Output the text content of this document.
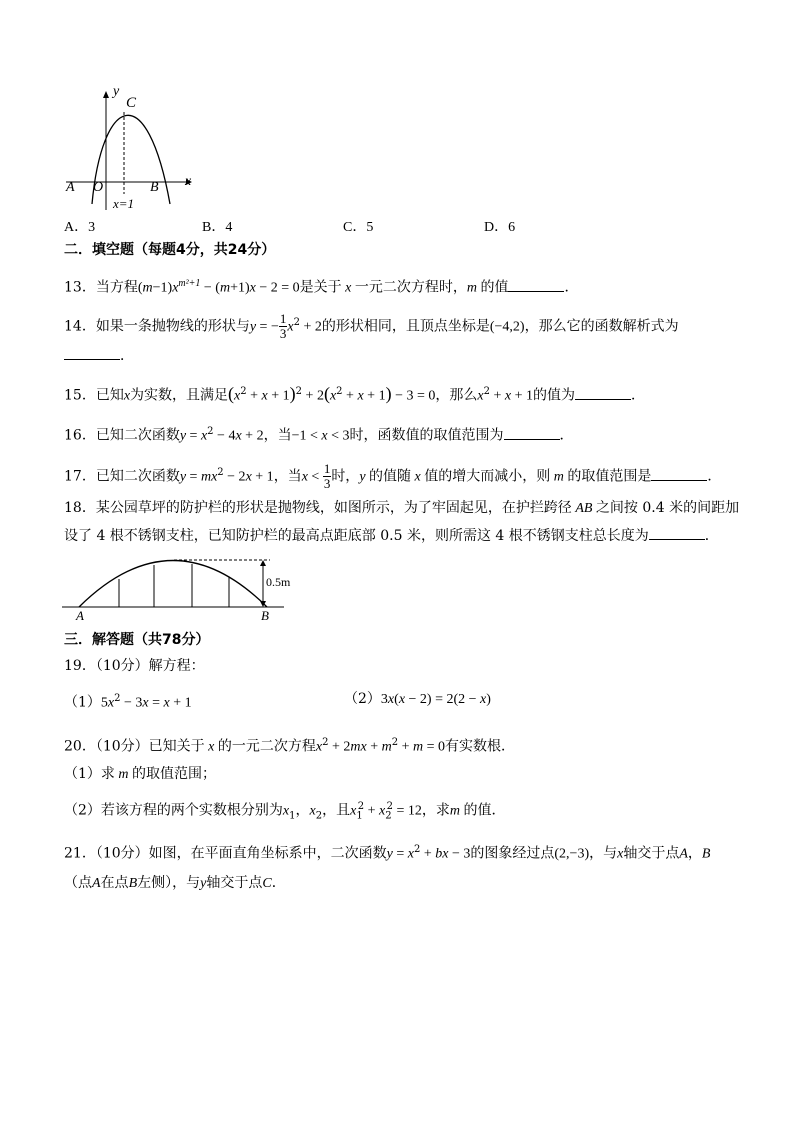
y
C
A O	B x
x=1
A．3	B．4	C．5	D．6
二．填空题（每题4分，共24分）
13．当方程$(m-1)x^{m^2+1} - (m+1)x - 2 = 0$是关于 x 一元二次方程时，m 的值	．
14．如果一条抛物线的形状与y = − $\frac{1}{3} x^2 + 2$的形状相同，且顶点坐标是(−4,2)，那么它的函数解析式为
．
15．已知x为实数，且满足$(x^2 + x + 1)^2 + 2(x^2 + x + 1) - 3 = 0$，那么$x^2 + x + 1$的值为	．
16．已知二次函数$y = x^2 - 4x + 2$，当−1 < x < 3时，函数值的取值范围为	．
17．已知二次函数$y = mx^2 - 2x + 1$，当$x < \frac{1}{3}$ 时，y 的值随 x 值的增大而减小，则 m 的取值范围是	．
18．某公园草坪的防护栏的形状是抛物线，如图所示，为了牢固起见，在护拦跨径 AB 之间按 0.4 米的间距加
设了 4 根不锈钢支柱，已知防护栏的最高点距底部 0.5 米，则所需这 4 根不锈钢支柱总长度为	．
0.5m
A	B
三．解答题（共78分）
19．（10分）解方程：
$(1)5x^2 - 3x = x + 1$	（2）3x(x − 2) = 2(2 − x)
20．（10分）已知关于 x 的一元二次方程$x^2 + 2mx + m^2 + m = 0$有实数根．
（1）求 m 的取值范围；
（2）若该方程的两个实数根分别为$x_1$，$x_2$，且$x_1^2 + x_2^2 = 12$，求m 的值．
21．（10分）如图，在平面直角坐标系中，二次函数$y = x^2$ + bx − 3的图象经过点(2,−3)，与x轴交于点A，B
（点A在点B左侧），与y轴交于点C．
